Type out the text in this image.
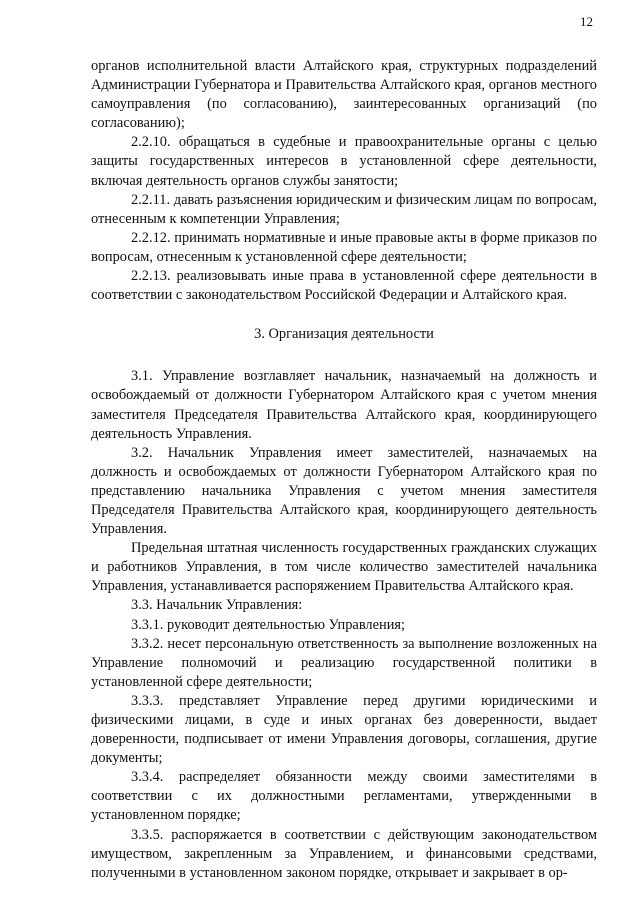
12

органов исполнительной власти Алтайского края, структурных подразделений Администрации Губернатора и Правительства Алтайского края, органов местного самоуправления (по согласованию), заинтересованных организаций (по согласованию);

2.2.10. обращаться в судебные и правоохранительные органы с целью защиты государственных интересов в установленной сфере деятельности, включая деятельность органов службы занятости;

2.2.11. давать разъяснения юридическим и физическим лицам по вопросам, отнесенным к компетенции Управления;

2.2.12. принимать нормативные и иные правовые акты в форме приказов по вопросам, отнесенным к установленной сфере деятельности;

2.2.13. реализовывать иные права в установленной сфере деятельности в соответствии с законодательством Российской Федерации и Алтайского края.

3. Организация деятельности

3.1. Управление возглавляет начальник, назначаемый на должность и освобождаемый от должности Губернатором Алтайского края с учетом мнения заместителя Председателя Правительства Алтайского края, координирующего деятельность Управления.

3.2. Начальник Управления имеет заместителей, назначаемых на должность и освобождаемых от должности Губернатором Алтайского края по представлению начальника Управления с учетом мнения заместителя Председателя Правительства Алтайского края, координирующего деятельность Управления.

Предельная штатная численность государственных гражданских служащих и работников Управления, в том числе количество заместителей начальника Управления, устанавливается распоряжением Правительства Алтайского края.

3.3. Начальник Управления:

3.3.1. руководит деятельностью Управления;

3.3.2. несет персональную ответственность за выполнение возложенных на Управление полномочий и реализацию государственной политики в установленной сфере деятельности;

3.3.3. представляет Управление перед другими юридическими и физическими лицами, в суде и иных органах без доверенности, выдает доверенности, подписывает от имени Управления договоры, соглашения, другие документы;

3.3.4. распределяет обязанности между своими заместителями в соответствии с их должностными регламентами, утвержденными в установленном порядке;

3.3.5. распоряжается в соответствии с действующим законодательством имуществом, закрепленным за Управлением, и финансовыми средствами, полученными в установленном законом порядке, открывает и закрывает в ор-
